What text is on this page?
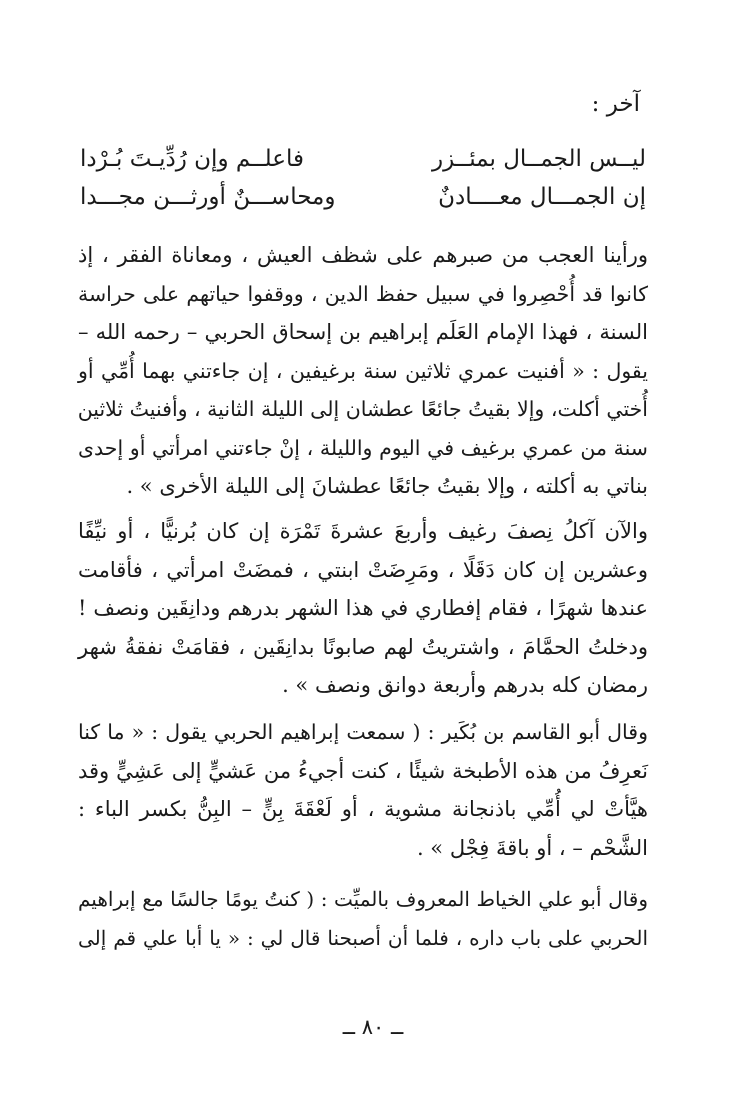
آخر :
ليــس الجمــال بمئــزر
فاعلــم وإن رُدِّيـتَ بُـرْدا
إن الجمـــال معــــادنٌ
ومحاســـنٌ أورثـــن مجـــدا
ورأينا العجب من صبرهم على شظف العيش ، ومعاناة الفقر ، إذ
كانوا قد أُحْصِروا في سبيل حفظ الدين ، ووقفوا حياتهم على حراسة
السنة ، فهذا الإمام العَلَم إبراهيم بن إسحاق الحربي – رحمه الله –
يقول : « أفنيت عمري ثلاثين سنة برغيفين ، إن جاءتني بهما أُمِّي أو
أُختي أكلت، وإلا بقيتُ جائعًا عطشان إلى الليلة الثانية ، وأفنيتُ ثلاثين
سنة من عمري برغيف في اليوم والليلة ، إنْ جاءتني امرأتي أو إحدى
بناتي به أكلته ، وإلا بقيتُ جائعًا عطشانَ إلى الليلة الأخرى » .
والآن آكلُ نِصفَ رغيف وأربعَ عشرةَ تَمْرَة إن كان بُرنيًّا ، أو نيِّفًا
وعشرين إن كان دَقَلًا ، ومَرِضَتْ ابنتي ، فمضَتْ امرأتي ، فأقامت
عندها شهرًا ، فقام إفطاري في هذا الشهر بدرهم ودانِقَين ونصف !
ودخلتُ الحمَّامَ ، واشتريتُ لهم صابونًا بدانِقَين ، فقامَتْ نفقةُ شهر
رمضان كله بدرهم وأربعة دوانق ونصف » .
وقال أبو القاسم بن بُكَير : ( سمعت إبراهيم الحربي يقول : « ما كنا
نَعرِفُ من هذه الأطبخة شيئًا ، كنت أجيءُ من عَشيٍّ إلى عَشِيٍّ وقد
هيَّأتْ لي أُمِّي باذنجانة مشوية ، أو لَعْقَةَ بِنٍّ – البِنُّ بكسر الباء :
الشَّحْم – ، أو باقةَ فِجْل » .
وقال أبو علي الخياط المعروف بالميِّت : ( كنتُ يومًا جالسًا مع إبراهيم
الحربي على باب داره ، فلما أن أصبحنا قال لي : « يا أبا علي قم إلى
ــ ٨٠ ــ
